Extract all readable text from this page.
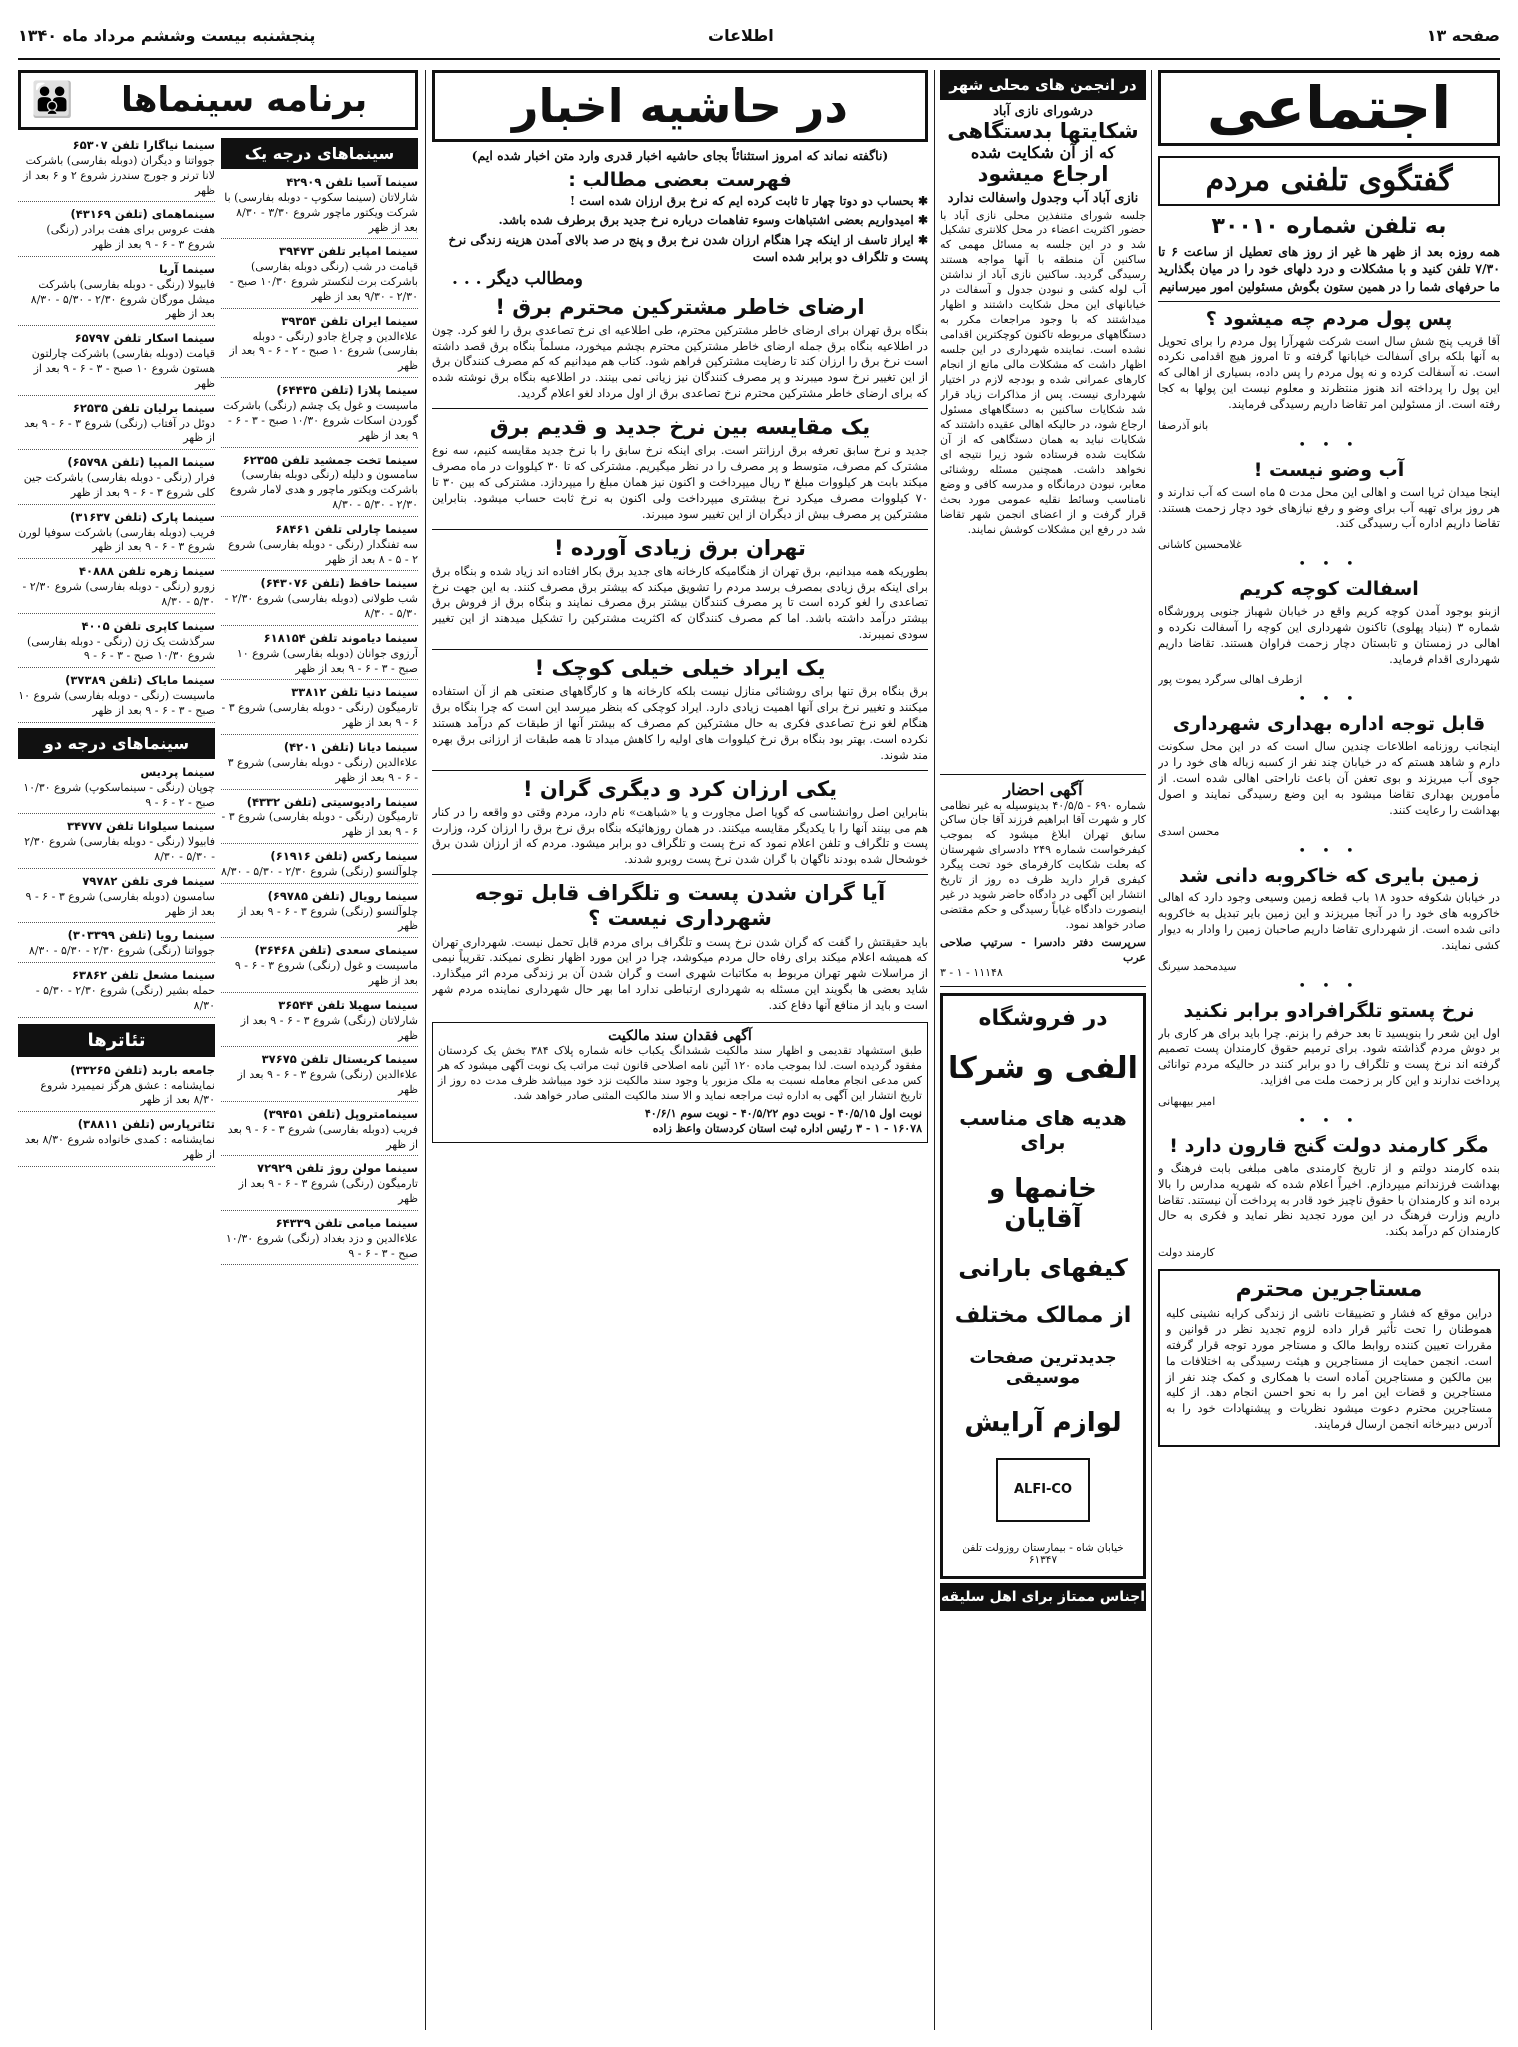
صفحه ۱۳
اطلاعات
پنجشنبه بیست وششم مرداد ماه ۱۳۴۰
اجتماعی
گفتگوی تلفنی مردم
به تلفن شماره ۳۰۰۱۰
همه روزه بعد از ظهر ها غیر از روز های تعطیل از ساعت ۶ تا ۷/۳۰ تلفن کنید و با مشکلات و درد دلهای خود را در میان بگذارید ما حرفهای شما را در همین ستون بگوش مسئولین امور میرسانیم
پس پول مردم چه میشود ؟
آقا قریب پنج شش سال است شرکت شهرآرا پول مردم را برای تحویل به آنها بلکه برای آسفالت خیابانها گرفته و تا امروز هیچ اقدامی نکرده است. نه آسفالت کرده و نه پول مردم را پس داده، بسیاری از اهالی که این پول را پرداخته اند هنوز منتظرند و معلوم نیست این پولها به کجا رفته است. از مسئولین امر تقاضا داریم رسیدگی فرمایند.
بانو آذرصفا
• • •
آب وضو نیست !
اینجا میدان ثریا است و اهالی این محل مدت ۵ ماه است که آب ندارند و هر روز برای تهیه آب برای وضو و رفع نیازهای خود دچار زحمت هستند. تقاضا داریم اداره آب رسیدگی کند.
غلامحسین کاشانی
• • •
اسفالت کوچه کریم
ازبنو بوجود آمدن کوچه کریم واقع در خیابان شهباز جنوبی پرورشگاه شماره ۳ (بنیاد پهلوی) تاکنون شهرداری این کوچه را آسفالت نکرده و اهالی در زمستان و تابستان دچار زحمت فراوان هستند. تقاضا داریم شهرداری اقدام فرماید.
ازطرف اهالی سرگرد یموت پور
• • •
قابل توجه اداره بهداری شهرداری
اینجانب روزنامه اطلاعات چندین سال است که در این محل سکونت دارم و شاهد هستم که در خیابان چند نفر از کسبه زباله های خود را در جوی آب میریزند و بوی تعفن آن باعث ناراحتی اهالی شده است. از مأمورین بهداری تقاضا میشود به این وضع رسیدگی نمایند و اصول بهداشت را رعایت کنند.
محسن اسدی
• • •
زمین بایری که خاکروبه دانی شد
در خیابان شکوفه حدود ۱۸ باب قطعه زمین وسیعی وجود دارد که اهالی خاکروبه های خود را در آنجا میریزند و این زمین بایر تبدیل به خاکروبه دانی شده است. از شهرداری تقاضا داریم صاحبان زمین را وادار به دیوار کشی نمایند.
سیدمحمد سیرنگ
• • •
نرخ پستو تلگرافرادو برابر نکنید
اول این شعر را بنویسید تا بعد حرفم را بزنم. چرا باید برای هر کاری بار بر دوش مردم گذاشته شود. برای ترمیم حقوق کارمندان پست تصمیم گرفته اند نرخ پست و تلگراف را دو برابر کنند در حالیکه مردم توانائی پرداخت ندارند و این کار بر زحمت ملت می افزاید.
امیر بیهبهانی
• • •
مگر کارمند دولت گنج قارون دارد !
بنده کارمند دولتم و از تاریخ کارمندی ماهی مبلغی بابت فرهنگ و بهداشت فرزندانم میپردازم. اخیراً اعلام شده که شهریه مدارس را بالا برده اند و کارمندان با حقوق ناچیز خود قادر به پرداخت آن نیستند. تقاضا داریم وزارت فرهنگ در این مورد تجدید نظر نماید و فکری به حال کارمندان کم درآمد بکند.
کارمند دولت
مستاجرین محترم
دراین موقع که فشار و تضییقات ناشی از زندگی کرایه نشینی کلیه هموطنان را تحت تأثیر قرار داده لزوم تجدید نظر در قوانین و مقررات تعیین کننده روابط مالک و مستاجر مورد توجه قرار گرفته است. انجمن حمایت از مستاجرین و هیئت رسیدگی به اختلافات ما بین مالکین و مستاجرین آماده است با همکاری و کمک چند نفر از مستاجرین و قضات این امر را به نحو احسن انجام دهد. از کلیه مستاجرین محترم دعوت میشود نظریات و پیشنهادات خود را به آدرس دبیرخانه انجمن ارسال فرمایند.
در انجمن های محلی شهر
درشورای نازی آباد
شکایتها بدستگاهی
که از آن شکایت شده
ارجاع میشود
نازی آباد آب وجدول واسفالت ندارد
جلسه شورای متنفذین محلی نازی آباد با حضور اکثریت اعضاء در محل کلانتری تشکیل شد و در این جلسه به مسائل مهمی که ساکنین آن منطقه با آنها مواجه هستند رسیدگی گردید. ساکنین نازی آباد از نداشتن آب لوله کشی و نبودن جدول و آسفالت در خیابانهای این محل شکایت داشتند و اظهار میداشتند که با وجود مراجعات مکرر به دستگاههای مربوطه تاکنون کوچکترین اقدامی نشده است. نماینده شهرداری در این جلسه اظهار داشت که مشکلات مالی مانع از انجام کارهای عمرانی شده و بودجه لازم در اختیار شهرداری نیست. پس از مذاکرات زیاد قرار شد شکایات ساکنین به دستگاههای مسئول ارجاع شود، در حالیکه اهالی عقیده داشتند که شکایات نباید به همان دستگاهی که از آن شکایت شده فرستاده شود زیرا نتیجه ای نخواهد داشت. همچنین مسئله روشنائی معابر، نبودن درمانگاه و مدرسه کافی و وضع نامناسب وسائط نقلیه عمومی مورد بحث قرار گرفت و از اعضای انجمن شهر تقاضا شد در رفع این مشکلات کوشش نمایند.
آگهی احضار
شماره ۶۹۰ - ۴۰/۵/۵ بدینوسیله به غیر نظامی کار و شهرت آقا ابراهیم فرزند آقا جان ساکن سابق تهران ابلاغ میشود که بموجب کیفرخواست شماره ۲۴۹ دادسرای شهرستان که بعلت شکایت کارفرمای خود تحت پیگرد کیفری قرار دارید ظرف ده روز از تاریخ انتشار این آگهی در دادگاه حاضر شوید در غیر اینصورت دادگاه غیاباً رسیدگی و حکم مقتضی صادر خواهد نمود.
سرپرست دفتر دادسرا - سرتیپ صلاحی عرب
۱۱۱۴۸ - ۱ - ۳
در فروشگاه
الفی و شرکا
هدیه های مناسب برای
خانمها و آقایان
کیفهای بارانی
از ممالک مختلف
جدیدترین صفحات موسیقی
لوازم آرایش
ALFI-CO
خیابان شاه - بیمارستان روزولت تلفن ۶۱۳۴۷
اجناس ممتاز برای اهل سلیقه
در حاشیه اخبار
(ناگفته نماند که امروز استثنائاً بجای حاشیه اخبار قدری وارد متن اخبار شده ایم)
فهرست بعضی مطالب :
✱ بحساب دو دوتا چهار تا ثابت کرده ایم که نرخ برق ارزان شده است !
✱ امیدواریم بعضی اشتباهات وسوء تفاهمات درباره نرخ جدید برق برطرف شده باشد.
✱ ایراز تاسف از اینکه چرا هنگام ارزان شدن نرخ برق و پنج در صد بالای آمدن هزینه زندگی نرخ پست و تلگراف دو برابر شده است
ومطالب دیگر . . .
ارضای خاطر مشترکین محترم برق !
بنگاه برق تهران برای ارضای خاطر مشترکین محترم، طی اطلاعیه ای نرخ تصاعدی برق را لغو کرد. چون در اطلاعیه بنگاه برق جمله ارضای خاطر مشترکین محترم بچشم میخورد، مسلماً بنگاه برق قصد داشته است نرخ برق را ارزان کند تا رضایت مشترکین فراهم شود. کتاب هم میدانیم که کم مصرف کنندگان برق از این تغییر نرخ سود میبرند و پر مصرف کنندگان نیز زیانی نمی بینند. در اطلاعیه بنگاه برق نوشته شده که برای ارضای خاطر مشترکین محترم نرخ تصاعدی برق از اول مرداد لغو اعلام گردید.
یک مقایسه بین نرخ جدید و قدیم برق
جدید و نرخ سابق تعرفه برق ارزانتر است. برای اینکه نرخ سابق را با نرخ جدید مقایسه کنیم، سه نوع مشترک کم مصرف، متوسط و پر مصرف را در نظر میگیریم. مشترکی که تا ۳۰ کیلووات در ماه مصرف میکند بابت هر کیلووات مبلغ ۳ ریال میپرداخت و اکنون نیز همان مبلغ را میپردازد. مشترکی که بین ۳۰ تا ۷۰ کیلووات مصرف میکرد نرخ بیشتری میپرداخت ولی اکنون به نرخ ثابت حساب میشود. بنابراین مشترکین پر مصرف بیش از دیگران از این تغییر سود میبرند.
تهران برق زیادی آورده !
بطوریکه همه میدانیم، برق تهران از هنگامیکه کارخانه های جدید برق بکار افتاده اند زیاد شده و بنگاه برق برای اینکه برق زیادی بمصرف برسد مردم را تشویق میکند که بیشتر برق مصرف کنند. به این جهت نرخ تصاعدی را لغو کرده است تا پر مصرف کنندگان بیشتر برق مصرف نمایند و بنگاه برق از فروش برق بیشتر درآمد داشته باشد. اما کم مصرف کنندگان که اکثریت مشترکین را تشکیل میدهند از این تغییر سودی نمیبرند.
یک ایراد خیلی خیلی کوچک !
برق بنگاه برق تنها برای روشنائی منازل نیست بلکه کارخانه ها و کارگاههای صنعتی هم از آن استفاده میکنند و تغییر نرخ برای آنها اهمیت زیادی دارد. ایراد کوچکی که بنظر میرسد این است که چرا بنگاه برق هنگام لغو نرخ تصاعدی فکری به حال مشترکین کم مصرف که بیشتر آنها از طبقات کم درآمد هستند نکرده است. بهتر بود بنگاه برق نرخ کیلووات های اولیه را کاهش میداد تا همه طبقات از ارزانی برق بهره مند شوند.
یکی ارزان کرد و دیگری گران !
بنابراین اصل روانشناسی که گویا اصل مجاورت و یا «شباهت» نام دارد، مردم وقتی دو واقعه را در کنار هم می بینند آنها را با یکدیگر مقایسه میکنند. در همان روزهائیکه بنگاه برق نرخ برق را ارزان کرد، وزارت پست و تلگراف و تلفن اعلام نمود که نرخ پست و تلگراف دو برابر میشود. مردم که از ارزان شدن برق خوشحال شده بودند ناگهان با گران شدن نرخ پست روبرو شدند.
آیا گران شدن پست و تلگراف قابل توجه شهرداری نیست ؟
باید حقیقتش را گفت که گران شدن نرخ پست و تلگراف برای مردم قابل تحمل نیست. شهرداری تهران که همیشه اعلام میکند برای رفاه حال مردم میکوشد، چرا در این مورد اظهار نظری نمیکند. تقریباً نیمی از مراسلات شهر تهران مربوط به مکاتبات شهری است و گران شدن آن بر زندگی مردم اثر میگذارد. شاید بعضی ها بگویند این مسئله به شهرداری ارتباطی ندارد اما بهر حال شهرداری نماینده مردم شهر است و باید از منافع آنها دفاع کند.
آگهی فقدان سند مالکیت
طبق استشهاد تقدیمی و اظهار سند مالکیت ششدانگ یکباب خانه شماره پلاک ۳۸۴ بخش یک کردستان مفقود گردیده است. لذا بموجب ماده ۱۲۰ آئین نامه اصلاحی قانون ثبت مراتب یک نوبت آگهی میشود که هر کس مدعی انجام معامله نسبت به ملک مزبور یا وجود سند مالکیت نزد خود میباشد ظرف مدت ده روز از تاریخ انتشار این آگهی به اداره ثبت مراجعه نماید و الا سند مالکیت المثنی صادر خواهد شد.
نوبت اول ۴۰/۵/۱۵ - نوبت دوم ۴۰/۵/۲۲ - نوبت سوم ۴۰/۶/۱
۱۶۰۷۸ - ۱ - ۳ رئیس اداره ثبت استان کردستان واعظ زاده
👪 برنامه سینماها
سینماهای درجه یک
سینما آسیا تلفن ۴۲۹۰۹
شارلاتان (سینما سکوپ - دوبله بفارسی) با شرکت ویکتور ماچور شروع ۳/۳۰ - ۸/۳۰ بعد از ظهر
سینما امپایر تلفن ۳۹۴۷۳
قیامت در شب (رنگی دوبله بفارسی) باشرکت برت لنکستر شروع ۱۰/۳۰ صبح - ۲/۳۰ - ۹/۳۰ بعد از ظهر
سینما ایران تلفن ۳۹۳۵۴
علاءالدین و چراغ جادو (رنگی - دوبله بفارسی) شروع ۱۰ صبح - ۲ - ۶ - ۹ بعد از ظهر
سینما پلازا (تلفن ۶۴۴۳۵)
ماسیست و غول یک چشم (رنگی) باشرکت گوردن اسکات شروع ۱۰/۳۰ صبح - ۳ - ۶ - ۹ بعد از ظهر
سینما تخت جمشید تلفن ۶۲۳۵۵
سامسون و دلیله (رنگی دوبله بفارسی) باشرکت ویکتور ماچور و هدی لامار شروع ۲/۳۰ - ۵/۳۰ - ۸/۳۰
سینما چارلی تلفن ۶۸۴۶۱
سه تفنگدار (رنگی - دوبله بفارسی) شروع ۲ - ۵ - ۸ بعد از ظهر
سینما حافظ (تلفن ۶۴۳۰۷۶)
شب طولانی (دوبله بفارسی) شروع ۲/۳۰ - ۵/۳۰ - ۸/۳۰
سینما دیاموند تلفن ۶۱۸۱۵۴
آرزوی جوانان (دوبله بفارسی) شروع ۱۰ صبح - ۳ - ۶ - ۹ بعد از ظهر
سینما دنیا تلفن ۳۳۸۱۲
تارمیگون (رنگی - دوبله بفارسی) شروع ۳ - ۶ - ۹ بعد از ظهر
سینما دیانا (تلفن ۴۲۰۱)
علاءالدین (رنگی - دوبله بفارسی) شروع ۳ - ۶ - ۹ بعد از ظهر
سینما رادیوسیتی (تلفن ۴۳۳۲)
تارمیگون (رنگی - دوبله بفارسی) شروع ۳ - ۶ - ۹ بعد از ظهر
سینما رکس (تلفن ۶۱۹۱۶)
چلوآلنسو (رنگی) شروع ۲/۳۰ - ۵/۳۰ - ۸/۳۰
سینما رویال (تلفن ۶۹۷۸۵)
چلوآلنسو (رنگی) شروع ۳ - ۶ - ۹ بعد از ظهر
سینمای سعدی (تلفن ۳۶۴۶۸)
ماسیست و غول (رنگی) شروع ۳ - ۶ - ۹ بعد از ظهر
سینما سهیلا تلفن ۳۶۵۴۴
شارلاتان (رنگی) شروع ۳ - ۶ - ۹ بعد از ظهر
سینما کریستال تلفن ۳۷۶۷۵
علاءالدین (رنگی) شروع ۳ - ۶ - ۹ بعد از ظهر
سینمامتروپل (تلفن ۳۹۴۵۱)
فریب (دوبله بفارسی) شروع ۳ - ۶ - ۹ بعد از ظهر
سینما مولن روژ تلفن ۷۲۹۲۹
تارمیگون (رنگی) شروع ۳ - ۶ - ۹ بعد از ظهر
سینما میامی تلفن ۶۴۳۳۹
علاءالدین و دزد بغداد (رنگی) شروع ۱۰/۳۰ صبح - ۳ - ۶ - ۹
سینما نیاگارا تلفن ۶۵۳۰۷
جوواتنا و دیگران (دوبله بفارسی) باشرکت لانا ترنر و جورج سندرز شروع ۲ و ۶ بعد از ظهر
سینماهمای (تلفن ۴۳۱۶۹)
هفت عروس برای هفت برادر (رنگی) شروع ۳ - ۶ - ۹ بعد از ظهر
سینما آریا
فابیولا (رنگی - دوبله بفارسی) باشرکت میشل مورگان شروع ۲/۳۰ - ۵/۳۰ - ۸/۳۰ بعد از ظهر
سینما اسکار تلفن ۶۵۷۹۷
قیامت (دوبله بفارسی) باشرکت چارلتون هستون شروع ۱۰ صبح - ۳ - ۶ - ۹ بعد از ظهر
سینما برلیان تلفن ۶۲۵۳۵
دوئل در آفتاب (رنگی) شروع ۳ - ۶ - ۹ بعد از ظهر
سینما المپیا (تلفن ۶۵۷۹۸)
فرار (رنگی - دوبله بفارسی) باشرکت جین کلی شروع ۳ - ۶ - ۹ بعد از ظهر
سینما پارک (تلفن ۳۱۶۳۷)
فریب (دوبله بفارسی) باشرکت سوفیا لورن شروع ۳ - ۶ - ۹ بعد از ظهر
سینما زهره تلفن ۴۰۸۸۸
زورو (رنگی - دوبله بفارسی) شروع ۲/۳۰ - ۵/۳۰ - ۸/۳۰
سینما کاپری تلفن ۴۰۰۵
سرگذشت یک زن (رنگی - دوبله بفارسی) شروع ۱۰/۳۰ صبح - ۳ - ۶ - ۹
سینما مایاک (تلفن ۳۷۳۸۹)
ماسیست (رنگی - دوبله بفارسی) شروع ۱۰ صبح - ۳ - ۶ - ۹ بعد از ظهر
سینماهای درجه دو
سینما پردیس
چوپان (رنگی - سینماسکوپ) شروع ۱۰/۳۰ صبح - ۲ - ۶ - ۹
سینما سیلوانا تلفن ۳۴۷۷۷
فابیولا (رنگی - دوبله بفارسی) شروع ۲/۳۰ - ۵/۳۰ - ۸/۳۰
سینما فری تلفن ۷۹۷۸۲
سامسون (دوبله بفارسی) شروع ۳ - ۶ - ۹ بعد از ظهر
سینما رویا (تلفن ۳۰۳۳۹۹)
جوواتنا (رنگی) شروع ۲/۳۰ - ۵/۳۰ - ۸/۳۰
سینما مشعل تلفن ۶۳۸۶۲
حمله بشیر (رنگی) شروع ۲/۳۰ - ۵/۳۰ - ۸/۳۰
تئاترها
جامعه باربد (تلفن ۳۳۲۶۵)
نمایشنامه : عشق هرگز نمیمیرد شروع ۸/۳۰ بعد از ظهر
تئاترپارس (تلفن ۳۸۸۱۱)
نمایشنامه : کمدی خانواده شروع ۸/۳۰ بعد از ظهر
